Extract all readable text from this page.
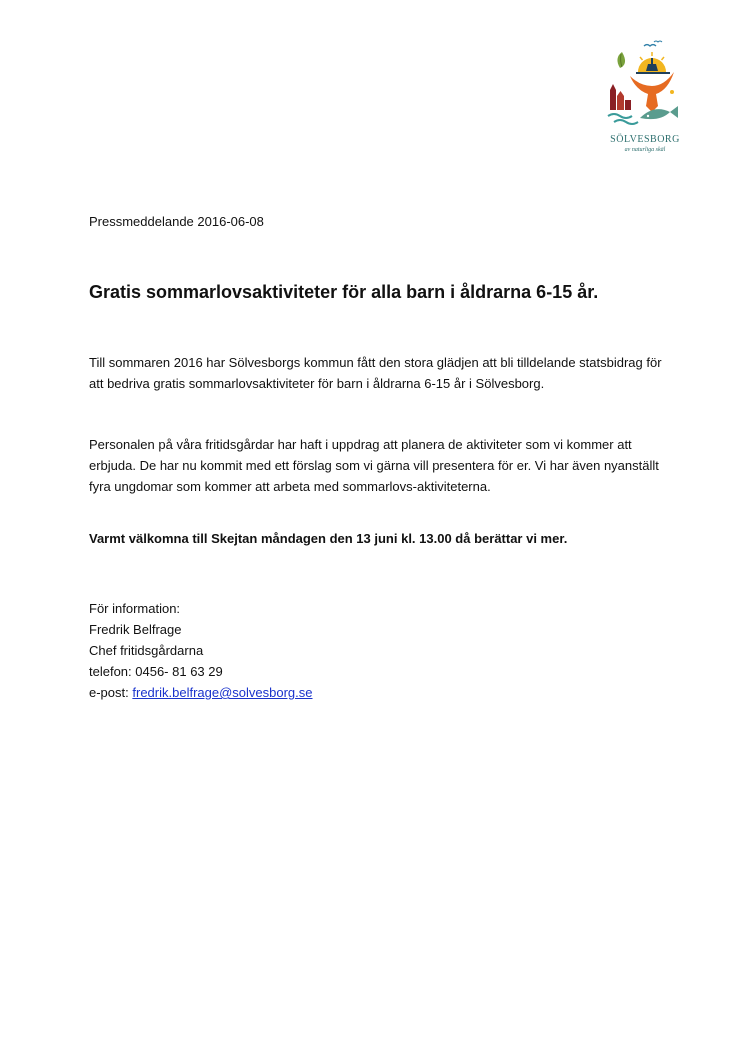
SÖLVESBORG
av naturliga skäl
Pressmeddelande 2016-06-08
Gratis sommarlovsaktiviteter för alla barn i åldrarna 6-15 år.

Till sommaren 2016 har Sölvesborgs kommun fått den stora glädjen att bli tilldelande statsbidrag för att bedriva gratis sommarlovsaktiviteter för barn i åldrarna 6-15 år i Sölvesborg.

Personalen på våra fritidsgårdar har haft i uppdrag att planera de aktiviteter som vi kommer att erbjuda. De har nu kommit med ett förslag som vi gärna vill presentera för er. Vi har även nyanställt fyra ungdomar som kommer att arbeta med sommarlovs-aktiviteterna.

Varmt välkomna till Skejtan måndagen den 13 juni kl. 13.00 då berättar vi mer.

För information:
Fredrik Belfrage
Chef fritidsgårdarna
telefon: 0456- 81 63 29
e-post: fredrik.belfrage@solvesborg.se
